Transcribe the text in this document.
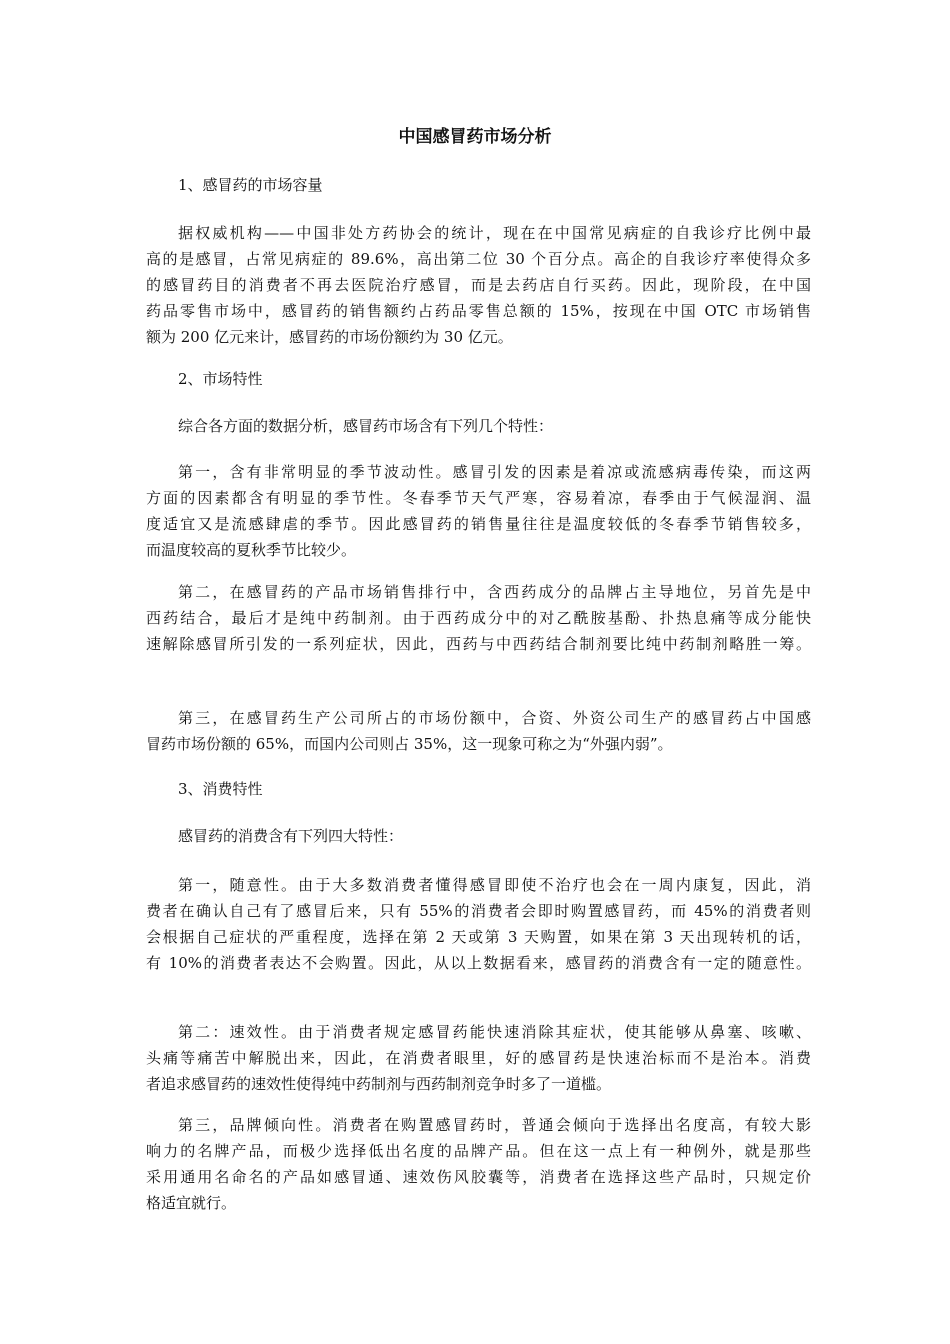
中国感冒药市场分析

1、感冒药的市场容量

据权威机构——中国非处方药协会的统计，现在在中国常见病症的自我诊疗比例中最
高的是感冒，占常见病症的 89.6%，高出第二位 30 个百分点。高企的自我诊疗率使得众多
的感冒药目的消费者不再去医院治疗感冒，而是去药店自行买药。因此，现阶段，在中国
药品零售市场中，感冒药的销售额约占药品零售总额的 15%，按现在中国 OTC 市场销售
额为 200 亿元来计，感冒药的市场份额约为 30 亿元。

2、市场特性

综合各方面的数据分析，感冒药市场含有下列几个特性：
第一，含有非常明显的季节波动性。感冒引发的因素是着凉或流感病毒传染，而这两
方面的因素都含有明显的季节性。冬春季节天气严寒，容易着凉，春季由于气候湿润、温
度适宜又是流感肆虐的季节。因此感冒药的销售量往往是温度较低的冬春季节销售较多，
而温度较高的夏秋季节比较少。
第二，在感冒药的产品市场销售排行中，含西药成分的品牌占主导地位，另首先是中
西药结合，最后才是纯中药制剂。由于西药成分中的对乙酰胺基酚、扑热息痛等成分能快
速解除感冒所引发的一系列症状，因此，西药与中西药结合制剂要比纯中药制剂略胜一筹。
第三，在感冒药生产公司所占的市场份额中，合资、外资公司生产的感冒药占中国感
冒药市场份额的 65%，而国内公司则占 35%，这一现象可称之为“外强内弱”。

3、消费特性

感冒药的消费含有下列四大特性：
第一，随意性。由于大多数消费者懂得感冒即使不治疗也会在一周内康复，因此，消
费者在确认自己有了感冒后来，只有 55%的消费者会即时购置感冒药，而 45%的消费者则
会根据自己症状的严重程度，选择在第 2 天或第 3 天购置，如果在第 3 天出现转机的话，
有 10%的消费者表达不会购置。因此，从以上数据看来，感冒药的消费含有一定的随意性。
第二：速效性。由于消费者规定感冒药能快速消除其症状，使其能够从鼻塞、咳嗽、
头痛等痛苦中解脱出来，因此，在消费者眼里，好的感冒药是快速治标而不是治本。消费
者追求感冒药的速效性使得纯中药制剂与西药制剂竞争时多了一道槛。
第三，品牌倾向性。消费者在购置感冒药时，普通会倾向于选择出名度高，有较大影
响力的名牌产品，而极少选择低出名度的品牌产品。但在这一点上有一种例外，就是那些
采用通用名命名的产品如感冒通、速效伤风胶囊等，消费者在选择这些产品时，只规定价
格适宜就行。
